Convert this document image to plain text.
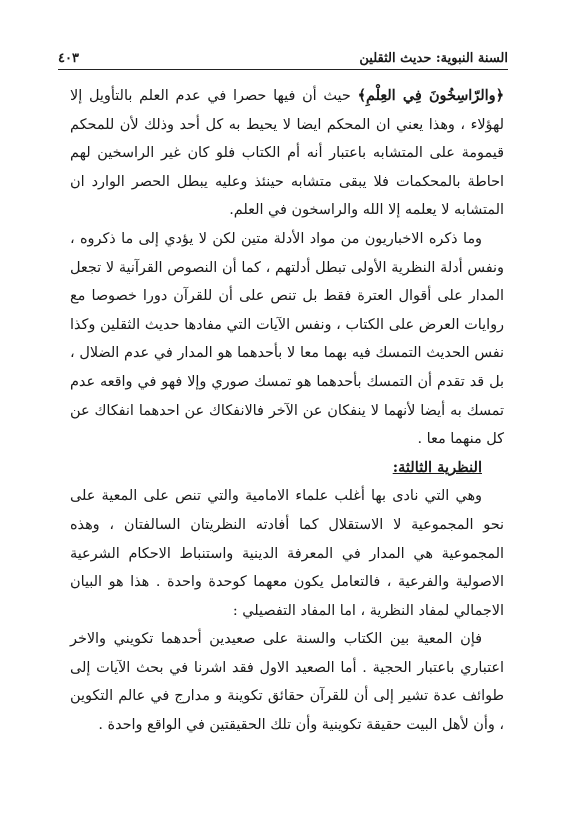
السنة النبوية: حديث الثقلين
٤٠٣

﴿والرّاسِخُونَ فِي العِلْمِ﴾ حيث أن فيها حصرا في عدم العلم بالتأويل إلا لهؤلاء ، وهذا يعني ان المحكم ايضا لا يحيط به كل أحد وذلك لأن للمحكم قيمومة على المتشابه باعتبار أنه أم الكتاب فلو كان غير الراسخين لهم احاطة بالمحكمات فلا يبقى متشابه حينئذ وعليه يبطل الحصر الوارد ان المتشابه لا يعلمه إلا الله والراسخون في العلم.

وما ذكره الاخباريون من مواد الأدلة متين لكن لا يؤدي إلى ما ذكروه ، ونفس أدلة النظرية الأولى تبطل أدلتهم ، كما أن النصوص القرآنية لا تجعل المدار على أقوال العترة فقط بل تنص على أن للقرآن دورا خصوصا مع روايات العرض على الكتاب ، ونفس الآيات التي مفادها حديث الثقلين وكذا نفس الحديث التمسك فيه بهما معا لا بأحدهما هو المدار في عدم الضلال ، بل قد تقدم أن التمسك بأحدهما هو تمسك صوري وإلا فهو في واقعه عدم تمسك به أيضا لأنهما لا ينفكان عن الآخر فالانفكاك عن احدهما انفكاك عن كل منهما معا .

النظرية الثالثة:

وهي التي نادى بها أغلب علماء الامامية والتي تنص على المعية على نحو المجموعية لا الاستقلال كما أفادته النظريتان السالفتان ، وهذه المجموعية هي المدار في المعرفة الدينية واستنباط الاحكام الشرعية الاصولية والفرعية ، فالتعامل يكون معهما كوحدة واحدة . هذا هو البيان الاجمالي لمفاد النظرية ، اما المفاد التفصيلي :

فإن المعية بين الكتاب والسنة على صعيدين أحدهما تكويني والاخر اعتباري باعتبار الحجية . أما الصعيد الاول فقد اشرنا في بحث الآيات إلى طوائف عدة تشير إلى أن للقرآن حقائق تكوينة و مدارج في عالم التكوين ، وأن لأهل البيت حقيقة تكوينية وأن تلك الحقيقتين في الواقع واحدة .
